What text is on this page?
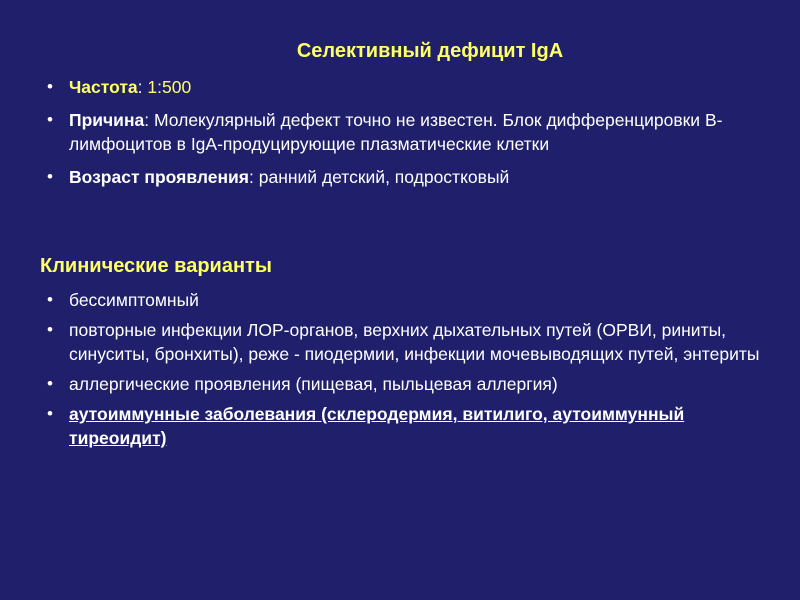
Селективный дефицит IgA
• Частота: 1:500
• Причина: Молекулярный дефект точно не известен. Блок дифференцировки В-лимфоцитов в IgA-продуцирующие плазматические клетки
• Возраст проявления: ранний детский, подростковый
Клинические варианты
• бессимптомный
• повторные инфекции ЛОР-органов, верхних дыхательных путей (ОРВИ, риниты, синуситы, бронхиты), реже - пиодермии, инфекции мочевыводящих путей, энтериты
• аллергические проявления (пищевая, пыльцевая аллергия)
• аутоиммунные заболевания (склеродермия, витилиго, аутоиммунный тиреоидит)
